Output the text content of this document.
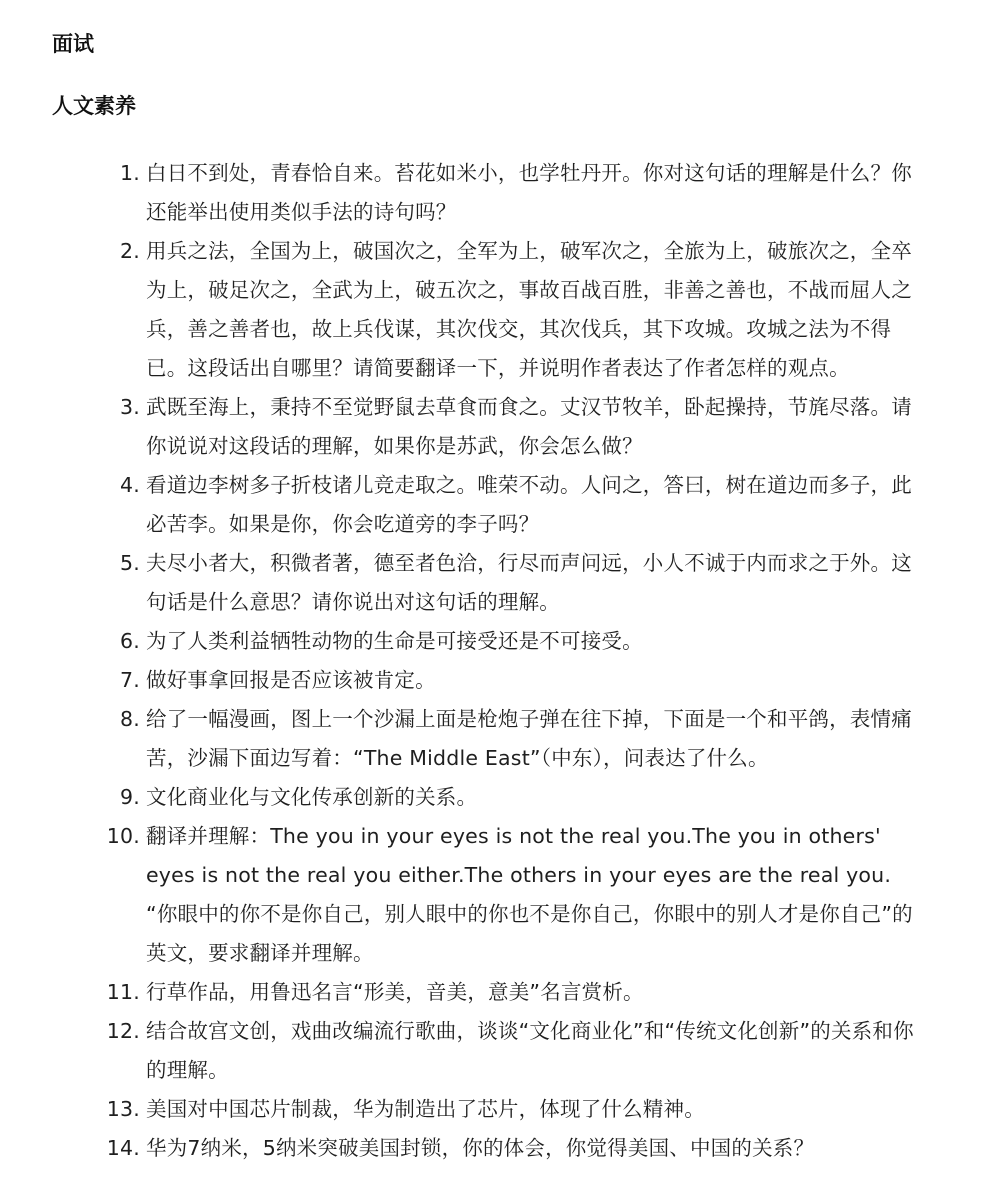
面试
人文素养
1. 白日不到处，青春恰自来。苔花如米小，也学牡丹开。你对这句话的理解是什么？你还能举出使用类似手法的诗句吗？
2. 用兵之法，全国为上，破国次之，全军为上，破军次之，全旅为上，破旅次之，全卒为上，破足次之，全武为上，破五次之，事故百战百胜，非善之善也，不战而屈人之兵，善之善者也，故上兵伐谋，其次伐交，其次伐兵，其下攻城。攻城之法为不得已。这段话出自哪里？请简要翻译一下，并说明作者表达了作者怎样的观点。
3. 武既至海上，秉持不至觉野鼠去草食而食之。丈汉节牧羊，卧起操持，节旄尽落。请你说说对这段话的理解，如果你是苏武，你会怎么做？
4. 看道边李树多子折枝诸儿竞走取之。唯荣不动。人问之，答曰，树在道边而多子，此必苦李。如果是你，你会吃道旁的李子吗？
5. 夫尽小者大，积微者著，德至者色洽，行尽而声问远，小人不诚于内而求之于外。这句话是什么意思？请你说出对这句话的理解。
6. 为了人类利益牺牲动物的生命是可接受还是不可接受。
7. 做好事拿回报是否应该被肯定。
8. 给了一幅漫画，图上一个沙漏上面是枪炮子弹在往下掉，下面是一个和平鸽，表情痛苦，沙漏下面边写着：“The Middle East”（中东），问表达了什么。
9. 文化商业化与文化传承创新的关系。
10. 翻译并理解：The you in your eyes is not the real you.The you in others' eyes is not the real you either.The others in your eyes are the real you. “你眼中的你不是你自己，别人眼中的你也不是你自己，你眼中的别人才是你自己”的英文，要求翻译并理解。
11. 行草作品，用鲁迅名言“形美，音美，意美”名言赏析。
12. 结合故宫文创，戏曲改编流行歌曲，谈谈“文化商业化”和“传统文化创新”的关系和你的理解。
13. 美国对中国芯片制裁，华为制造出了芯片，体现了什么精神。
14. 华为7纳米，5纳米突破美国封锁，你的体会，你觉得美国、中国的关系？
